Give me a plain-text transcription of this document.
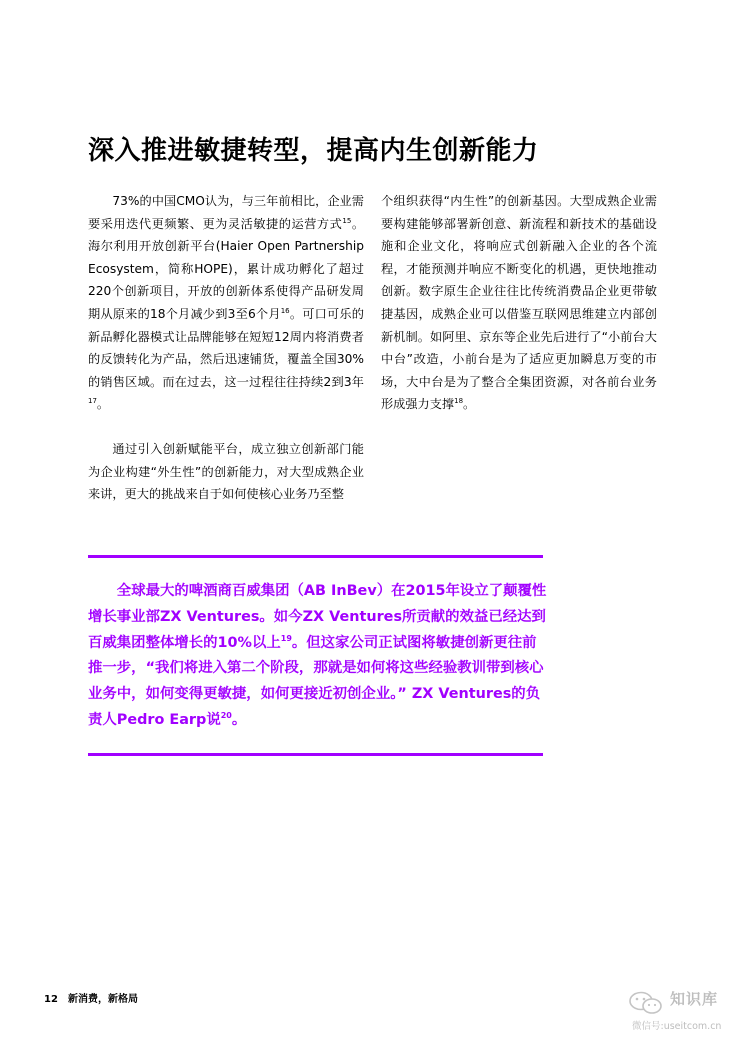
深入推进敏捷转型，提高内生创新能力

73%的中国CMO认为，与三年前相比，企业需要采用迭代更频繁、更为灵活敏捷的运营方式$^{15}$。海尔利用开放创新平台(Haier Open Partnership Ecosystem，简称HOPE)，累计成功孵化了超过220个创新项目，开放的创新体系使得产品研发周期从原来的18个月减少到3至6个月$^{16}$。可口可乐的新品孵化器模式让品牌能够在短短12周内将消费者的反馈转化为产品，然后迅速铺货，覆盖全国30%的销售区域。而在过去，这一过程往往持续2到3年$^{17}$。

通过引入创新赋能平台，成立独立创新部门能为企业构建“外生性”的创新能力，对大型成熟企业来讲，更大的挑战来自于如何使核心业务乃至整

个组织获得“内生性”的创新基因。大型成熟企业需要构建能够部署新创意、新流程和新技术的基础设施和企业文化，将响应式创新融入企业的各个流程，才能预测并响应不断变化的机遇，更快地推动创新。数字原生企业往往比传统消费品企业更带敏捷基因，成熟企业可以借鉴互联网思维建立内部创新机制。如阿里、京东等企业先后进行了“小前台大中台”改造，小前台是为了适应更加瞬息万变的市场，大中台是为了整合全集团资源，对各前台业务形成强力支撑$^{18}$。

全球最大的啤酒商百威集团（AB InBev）在2015年设立了颠覆性增长事业部ZX Ventures。如今ZX Ventures所贡献的效益已经达到百威集团整体增长的10%以上$^{19}$。但这家公司正试图将敏捷创新更往前推一步，“我们将进入第二个阶段，那就是如何将这些经验教训带到核心业务中，如何变得更敏捷，如何更接近初创企业。” ZX Ventures的负责人Pedro Earp说$^{20}$。
12 新消费，新格局	知识库
微信号:useitcom.cn
